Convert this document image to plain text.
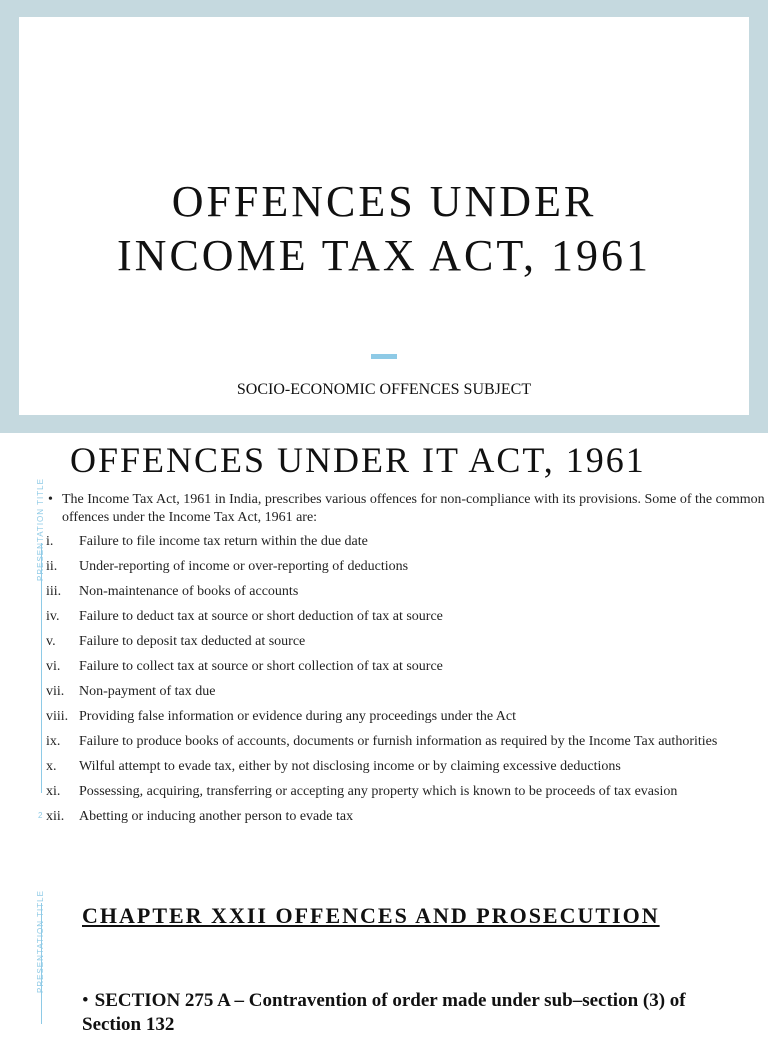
OFFENCES UNDER
INCOME TAX ACT, 1961
SOCIO-ECONOMIC OFFENCES SUBJECT
PRESENTATION TITLE
2
OFFENCES UNDER IT ACT, 1961
• The Income Tax Act, 1961 in India, prescribes various offences for non-compliance with its provisions. Some of the common offences under the Income Tax Act, 1961 are:
i. Failure to file income tax return within the due date
ii. Under-reporting of income or over-reporting of deductions
iii. Non-maintenance of books of accounts
iv. Failure to deduct tax at source or short deduction of tax at source
v. Failure to deposit tax deducted at source
vi. Failure to collect tax at source or short collection of tax at source
vii. Non-payment of tax due
viii. Providing false information or evidence during any proceedings under the Act
ix. Failure to produce books of accounts, documents or furnish information as required by the Income Tax authorities
x. Wilful attempt to evade tax, either by not disclosing income or by claiming excessive deductions
xi. Possessing, acquiring, transferring or accepting any property which is known to be proceeds of tax evasion
xii. Abetting or inducing another person to evade tax
PRESENTATION TITLE CHAPTER XXII OFFENCES AND PROSECUTION
• SECTION 275 A – Contravention of order made under sub–section (3) of Section 132
